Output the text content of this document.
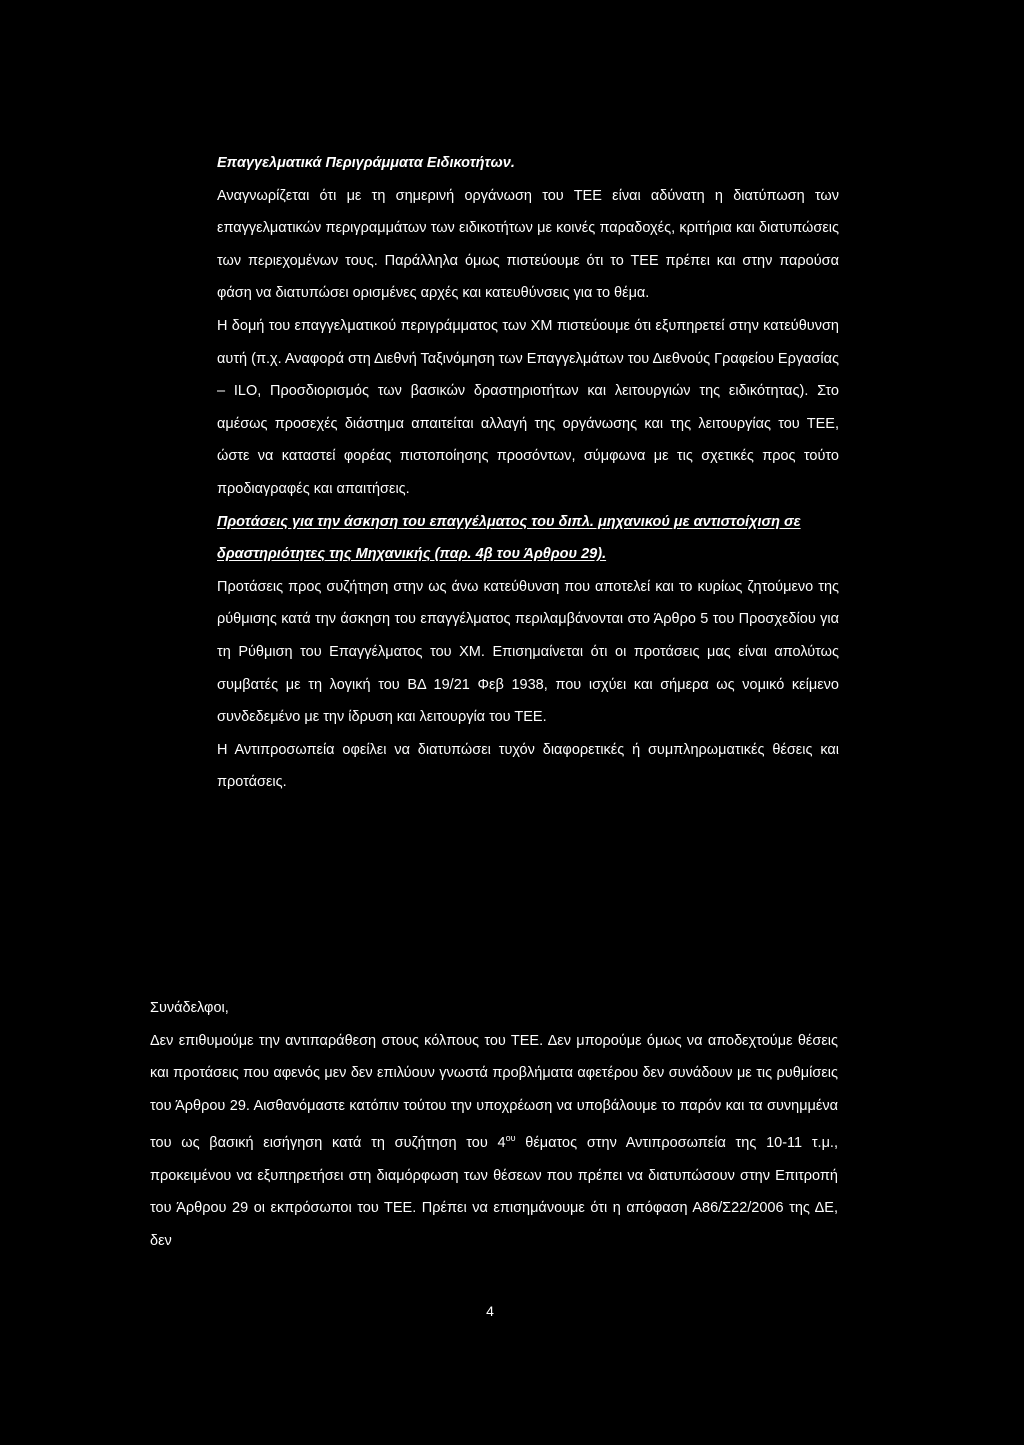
Επαγγελματικά Περιγράμματα Ειδικοτήτων.

Αναγνωρίζεται ότι με τη σημερινή οργάνωση του ΤΕΕ είναι αδύνατη η διατύπωση των επαγγελματικών περιγραμμάτων των ειδικοτήτων με κοινές παραδοχές, κριτήρια και διατυπώσεις των περιεχομένων τους. Παράλληλα όμως πιστεύουμε ότι το ΤΕΕ πρέπει και στην παρούσα φάση να διατυπώσει ορισμένες αρχές και κατευθύνσεις για το θέμα.

Η δομή του επαγγελματικού περιγράμματος των ΧΜ πιστεύουμε ότι εξυπηρετεί στην κατεύθυνση αυτή (π.χ. Αναφορά στη Διεθνή Ταξινόμηση των Επαγγελμάτων του Διεθνούς Γραφείου Εργασίας – ILO, Προσδιορισμός των βασικών δραστηριοτήτων και λειτουργιών της ειδικότητας). Στο αμέσως προσεχές διάστημα απαιτείται αλλαγή της οργάνωσης και της λειτουργίας του ΤΕΕ, ώστε να καταστεί φορέας πιστοποίησης προσόντων, σύμφωνα με τις σχετικές προς τούτο προδιαγραφές και απαιτήσεις.

Προτάσεις για την άσκηση του επαγγέλματος του διπλ. μηχανικού με αντιστοίχιση σε δραστηριότητες της Μηχανικής (παρ. 4β του Άρθρου 29).

Προτάσεις προς συζήτηση στην ως άνω κατεύθυνση που αποτελεί και το κυρίως ζητούμενο της ρύθμισης κατά την άσκηση του επαγγέλματος περιλαμβάνονται στο Άρθρο 5 του Προσχεδίου για τη Ρύθμιση του Επαγγέλματος του ΧΜ. Επισημαίνεται ότι οι προτάσεις μας είναι απολύτως συμβατές με τη λογική του ΒΔ 19/21 Φεβ 1938, που ισχύει και σήμερα ως νομικό κείμενο συνδεδεμένο με την ίδρυση και λειτουργία του ΤΕΕ.

Η Αντιπροσωπεία οφείλει να διατυπώσει τυχόν διαφορετικές ή συμπληρωματικές θέσεις και προτάσεις.

Συνάδελφοι,

Δεν επιθυμούμε την αντιπαράθεση στους κόλπους του ΤΕΕ. Δεν μπορούμε όμως να αποδεχτούμε θέσεις και προτάσεις που αφενός μεν δεν επιλύουν γνωστά προβλήματα αφετέρου δεν συνάδουν με τις ρυθμίσεις του Άρθρου 29. Αισθανόμαστε κατόπιν τούτου την υποχρέωση να υποβάλουμε το παρόν και τα συνημμένα του ως βασική εισήγηση κατά τη συζήτηση του $4^{o\upsilon}$ θέματος στην Αντιπροσωπεία της 10-11 τ.μ., προκειμένου να εξυπηρετήσει στη διαμόρφωση των θέσεων που πρέπει να διατυπώσουν στην Επιτροπή του Άρθρου 29 οι εκπρόσωποι του ΤΕΕ. Πρέπει να επισημάνουμε ότι η απόφαση Α86/Σ22/2006 της ΔΕ, δεν

4
